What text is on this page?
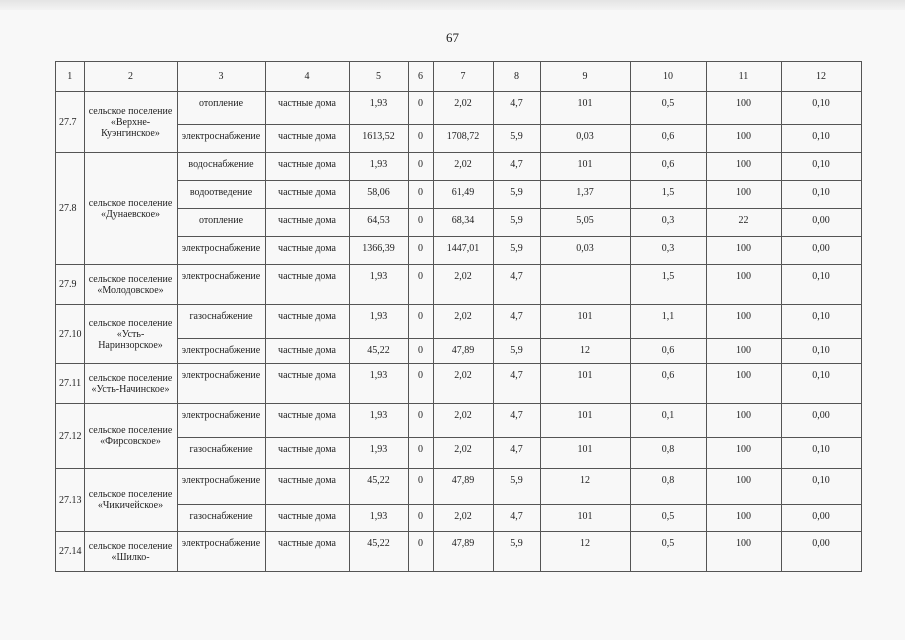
67
1	2	3	4	5	6	7	8	9	10	11	12
27.7	сельское поселение «Верхне-Куэнгинское»	отопление	частные дома	1,93	0	2,02	4,7	101	0,5	100	0,10
		электроснабжение	частные дома	1613,52	0	1708,72	5,9	0,03	0,6	100	0,10
27.8	сельское поселение «Дунаевское»	водоснабжение	частные дома	1,93	0	2,02	4,7	101	0,6	100	0,10
		водоотведение	частные дома	58,06	0	61,49	5,9	1,37	1,5	100	0,10
		отопление	частные дома	64,53	0	68,34	5,9	5,05	0,3	22	0,00
		электроснабжение	частные дома	1366,39	0	1447,01	5,9	0,03	0,3	100	0,00
27.9	сельское поселение «Молодовское»	электроснабжение	частные дома	1,93	0	2,02	4,7		1,5	100	0,10
27.10	сельское поселение «Усть-Наринзорское»	газоснабжение	частные дома	1,93	0	2,02	4,7	101	1,1	100	0,10
		электроснабжение	частные дома	45,22	0	47,89	5,9	12	0,6	100	0,10
27.11	сельское поселение «Усть-Начинское»	электроснабжение	частные дома	1,93	0	2,02	4,7	101	0,6	100	0,10
27.12	сельское поселение «Фирсовское»	электроснабжение	частные дома	1,93	0	2,02	4,7	101	0,1	100	0,00
		газоснабжение	частные дома	1,93	0	2,02	4,7	101	0,8	100	0,10
27.13	сельское поселение «Чикичейское»	электроснабжение	частные дома	45,22	0	47,89	5,9	12	0,8	100	0,10
		газоснабжение	частные дома	1,93	0	2,02	4,7	101	0,5	100	0,00
27.14	сельское поселение «Шилко-	электроснабжение	частные дома	45,22	0	47,89	5,9	12	0,5	100	0,00
